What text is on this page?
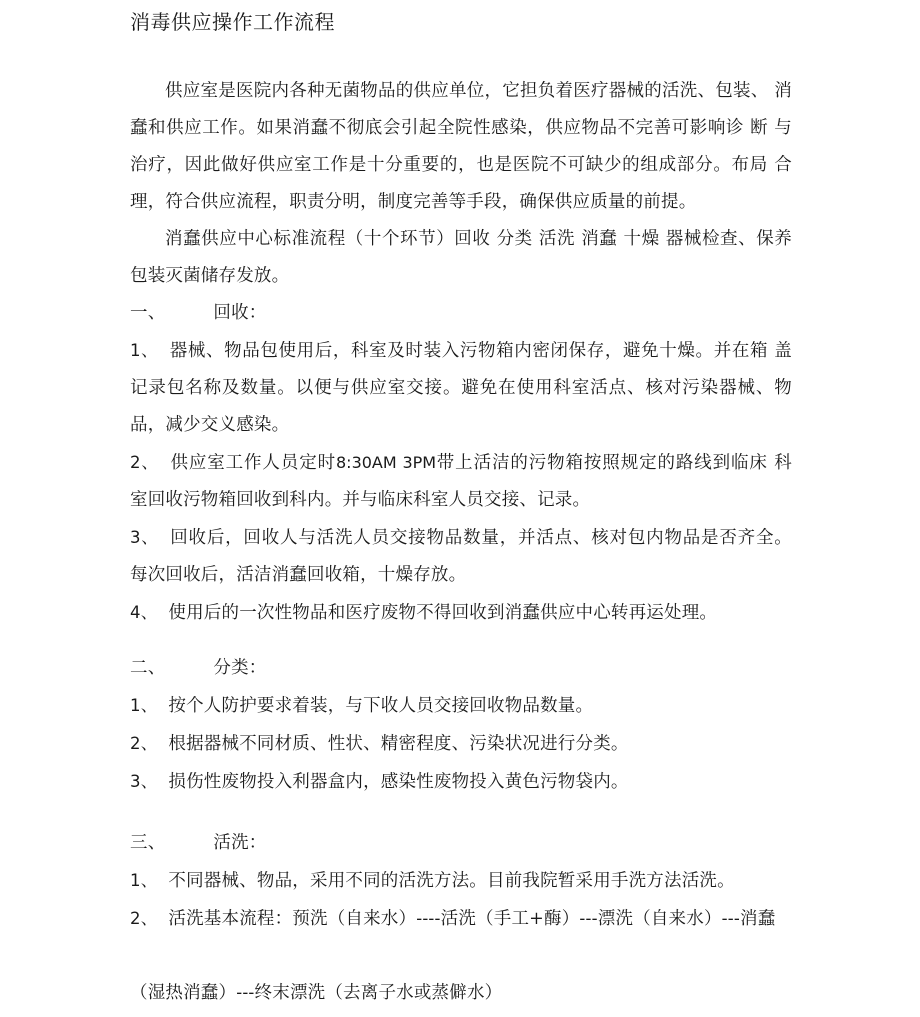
消毒供应操作工作流程

供应室是医院内各种无菌物品的供应单位，它担负着医疗器械的活洗、包装、 消蠢和供应工作。如果消蠢不彻底会引起全院性感染，供应物品不完善可影响诊 断 与治疗，因此做好供应室工作是十分重要的，也是医院不可缺少的组成部分。布局 合理，符合供应流程，职责分明，制度完善等手段，确保供应质量的前提。

消蠢供应中心标准流程（十个环节）回收 分类 活洗 消蠢 十燥 器械检查、保养包装灭菌储存发放。

一、	回收：

1、 器械、物品包使用后，科室及时装入污物箱内密闭保存，避免十燥。并在箱 盖记录包名称及数量。以便与供应室交接。避免在使用科室活点、核对污染器械、物 品，减少交义感染。

2、 供应室工作人员定时8:30AM 3PM带上活洁的污物箱按照规定的路线到临床 科 室回收污物箱回收到科内。并与临床科室人员交接、记录。

3、 回收后，回收人与活洗人员交接物品数量，并活点、核对包内物品是否齐全。 每次回收后，活洁消蠢回收箱，十燥存放。

4、 使用后的一次性物品和医疗废物不得回收到消蠢供应中心转再运处理。

二、	分类：

1、 按个人防护要求着装，与下收人员交接回收物品数量。

2、 根据器械不同材质、性状、精密程度、污染状况进行分类。

3、 损伤性废物投入利器盒内，感染性废物投入黄色污物袋内。

三、	活洗：

1、 不同器械、物品，采用不同的活洗方法。目前我院暂采用手洗方法活洗。

2、 活洗基本流程：预洗（自来水）----活洗（手工+酶）---漂洗（自来水）---消蠢

（湿热消蠢）---终末漂洗（去离子水或蒸僻水）
